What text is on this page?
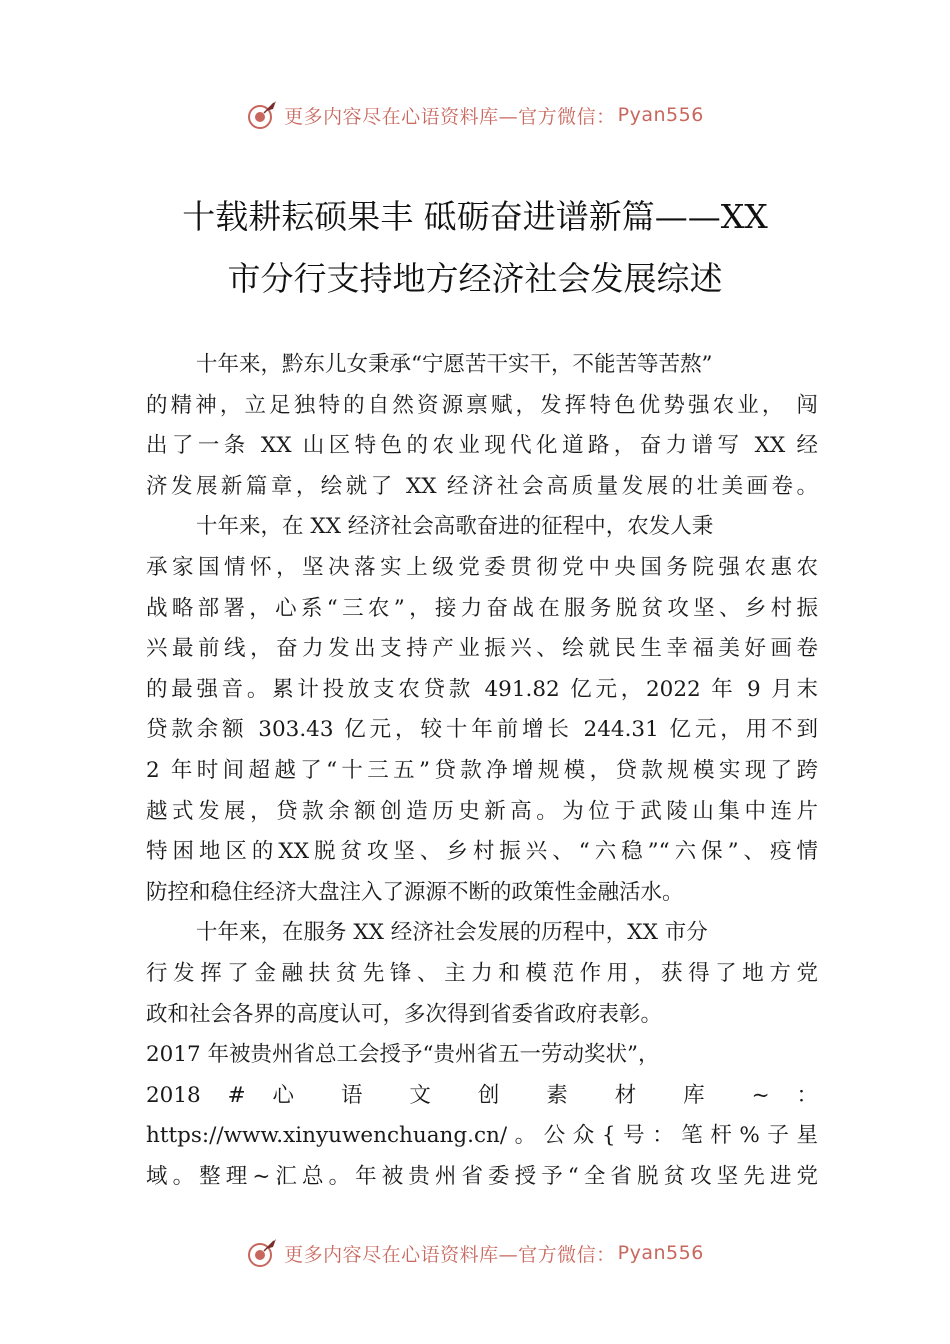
更多内容尽在心语资料库—官方微信： Pyan556
十载耕耘硕果丰 砥砺奋进谱新篇——XX
市分行支持地方经济社会发展综述
十年来，黔东儿女秉承“宁愿苦干实干，不能苦等苦熬”
的精神，立足独特的自然资源禀赋，发挥特色优势强农业， 闯
出了一条 XX 山区特色的农业现代化道路，奋力谱写 XX 经
济发展新篇章，绘就了 XX 经济社会高质量发展的壮美画卷。
十年来，在 XX 经济社会高歌奋进的征程中，农发人秉
承家国情怀，坚决落实上级党委贯彻党中央国务院强农惠农
战略部署，心系“三农”，接力奋战在服务脱贫攻坚、乡村振
兴最前线，奋力发出支持产业振兴、绘就民生幸福美好画卷
的最强音。累计投放支农贷款 491.82 亿元，2022 年 9 月末
贷款余额 303.43 亿元，较十年前增长 244.31 亿元，用不到
2 年时间超越了“十三五”贷款净增规模，贷款规模实现了跨
越式发展，贷款余额创造历史新高。为位于武陵山集中连片
特困地区的XX脱贫攻坚、乡村振兴、“六稳”“六保”、疫情
防控和稳住经济大盘注入了源源不断的政策性金融活水。
十年来，在服务 XX 经济社会发展的历程中，XX 市分
行发挥了金融扶贫先锋、主力和模范作用，获得了地方党
政和社会各界的高度认可，多次得到省委省政府表彰。
2017 年被贵州省总工会授予“贵州省五一劳动奖状”，
2018 # 心 语 文 创 素 材 库 ~ ：
https://www.xinyuwenchuang.cn/。公众{号：笔杆%子星
域。整理~汇总。年被贵州省委授予“全省脱贫攻坚先进党
更多内容尽在心语资料库—官方微信： Pyan556
